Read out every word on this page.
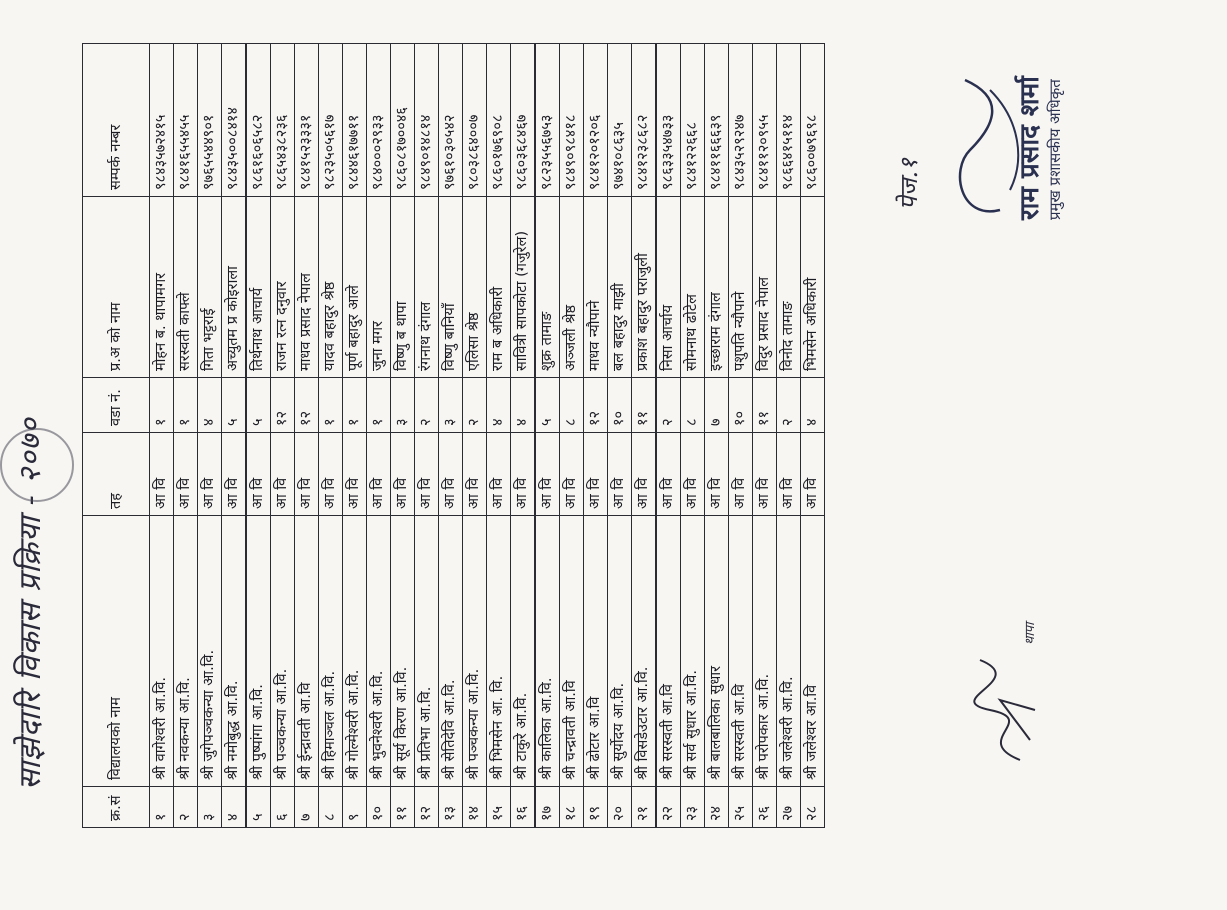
साझेदारि विकास प्रक्रिया - २०७०
क्र.सं	विद्यालयको नाम	तह	वडा नं.	प्र.अ को नाम	सम्पर्क नम्बर
१	श्री वागेश्वरी आ.वि.	आ वि	१	मोहन ब. थापामगर	९८४३५७२४१५
२	श्री नवकन्या आ.वि.	आ वि	१	सरस्वती काफ्ले	९८४१६५५४५५
३	श्री जुगेपञ्चकन्या आ.वि.	आ वि	४	गिता भट्टराई	९७६५५४४९०१
४	श्री नमोबुद्ध आ.वि.	आ वि	५	अच्युतम प्र कोइराला	९८४३५००८४१४
५	श्री पुष्पांगा आ.वि.	आ वि	५	तिर्थनाथ आचार्य	९८६१६०६५८२
६	श्री पञ्चकन्या आ.वि.	आ वि	१२	राजन रत्न दनुवार	९८६५४३८२३६
७	श्री ईन्द्रावती आ.वि	आ वि	१२	माधव प्रसाद नेपाल	९८४१५२३३३१
८	श्री हिमाञ्चल आ.वि.	आ वि	१	यादव बहादुर श्रेष्ठ	९८२३५०५६१७
९	श्री गोल्मेश्वरी आ.वि.	आ वि	१	पूर्ण बहादुर आले	९८४४६१७७११
१०	श्री भुवनेश्वरी आ.वि.	आ वि	१	जुना मगर	९८४०००२९३३
११	श्री सूर्य किरण आ.वि.	आ वि	३	विष्णु ब थापा	९८६०८१७००४६
१२	श्री प्रतिभा आ.वि.	आ वि	२	रंगनाथ दंगाल	९८४९०१४८१४
१३	श्री सेतिदेवि आ.वि.	आ वि	३	विष्णु बानियाँ	९७६१०३०५४२
१४	श्री पञ्चकन्या आ.वि.	आ वि	२	एलिसा श्रेष्ठ	९८०३८६४००७
१५	श्री भिमसेन आ. वि.	आ वि	४	राम ब अधिकारी	९८६०१७६९०८
१६	श्री टाकुरे आ.वि.	आ वि	४	सावित्री सापकोटा (गजुरेल)	९८६०३६८४६७
१७	श्री कालिका आ.वि.	आ वि	५	शुक्र तामाङ	९८२३५५६७५३
१८	श्री चन्द्रावती आ.वि	आ वि	८	अञ्जली श्रेष्ठ	९८४९०९८४१८
१९	श्री ढोटार आ.वि	आ वि	१२	माधव न्यौपाने	९८४१२०१२०६
२०	श्री सुर्योदय आ.वि.	आ वि	१०	बल बहादुर माझी	९७४१०८६३५
२१	श्री विसडेउटार आ.वि.	आ वि	११	प्रकाश बहादुर पराजुली	९८४१२३८६८२
२२	श्री सरस्वती आ.वि	आ वि	२	निसा आर्चाय	९८६३३५४७३३
२३	श्री सर्व सुधार आ.वि.	आ वि	८	सोमनाथ ढोटेल	९८४१२२६६८
२४	श्री बालबालिका सुधार	आ वि	७	इच्छाराम दंगाल	९८४११६६६३९
२५	श्री सरस्वती आ.वि	आ वि	१०	पशुपति न्यौपाने	९८४३५२९२४७
२६	श्री परोपकार आ.वि.	आ वि	११	विदुर प्रसाद नेपाल	९८४११२०९५५
२७	श्री जलेश्वरी आ.वि.	आ वि	२	विनोद तामाङ	९८६६४१५११४
२८	श्री जलेश्वर आ.वि	आ वि	४	भिमसेन अधिकारी	९८६००७९६९८	पेज.१
थापा
राम प्रसाद शर्मा प्रमुख प्रशासकीय अधिकृत
